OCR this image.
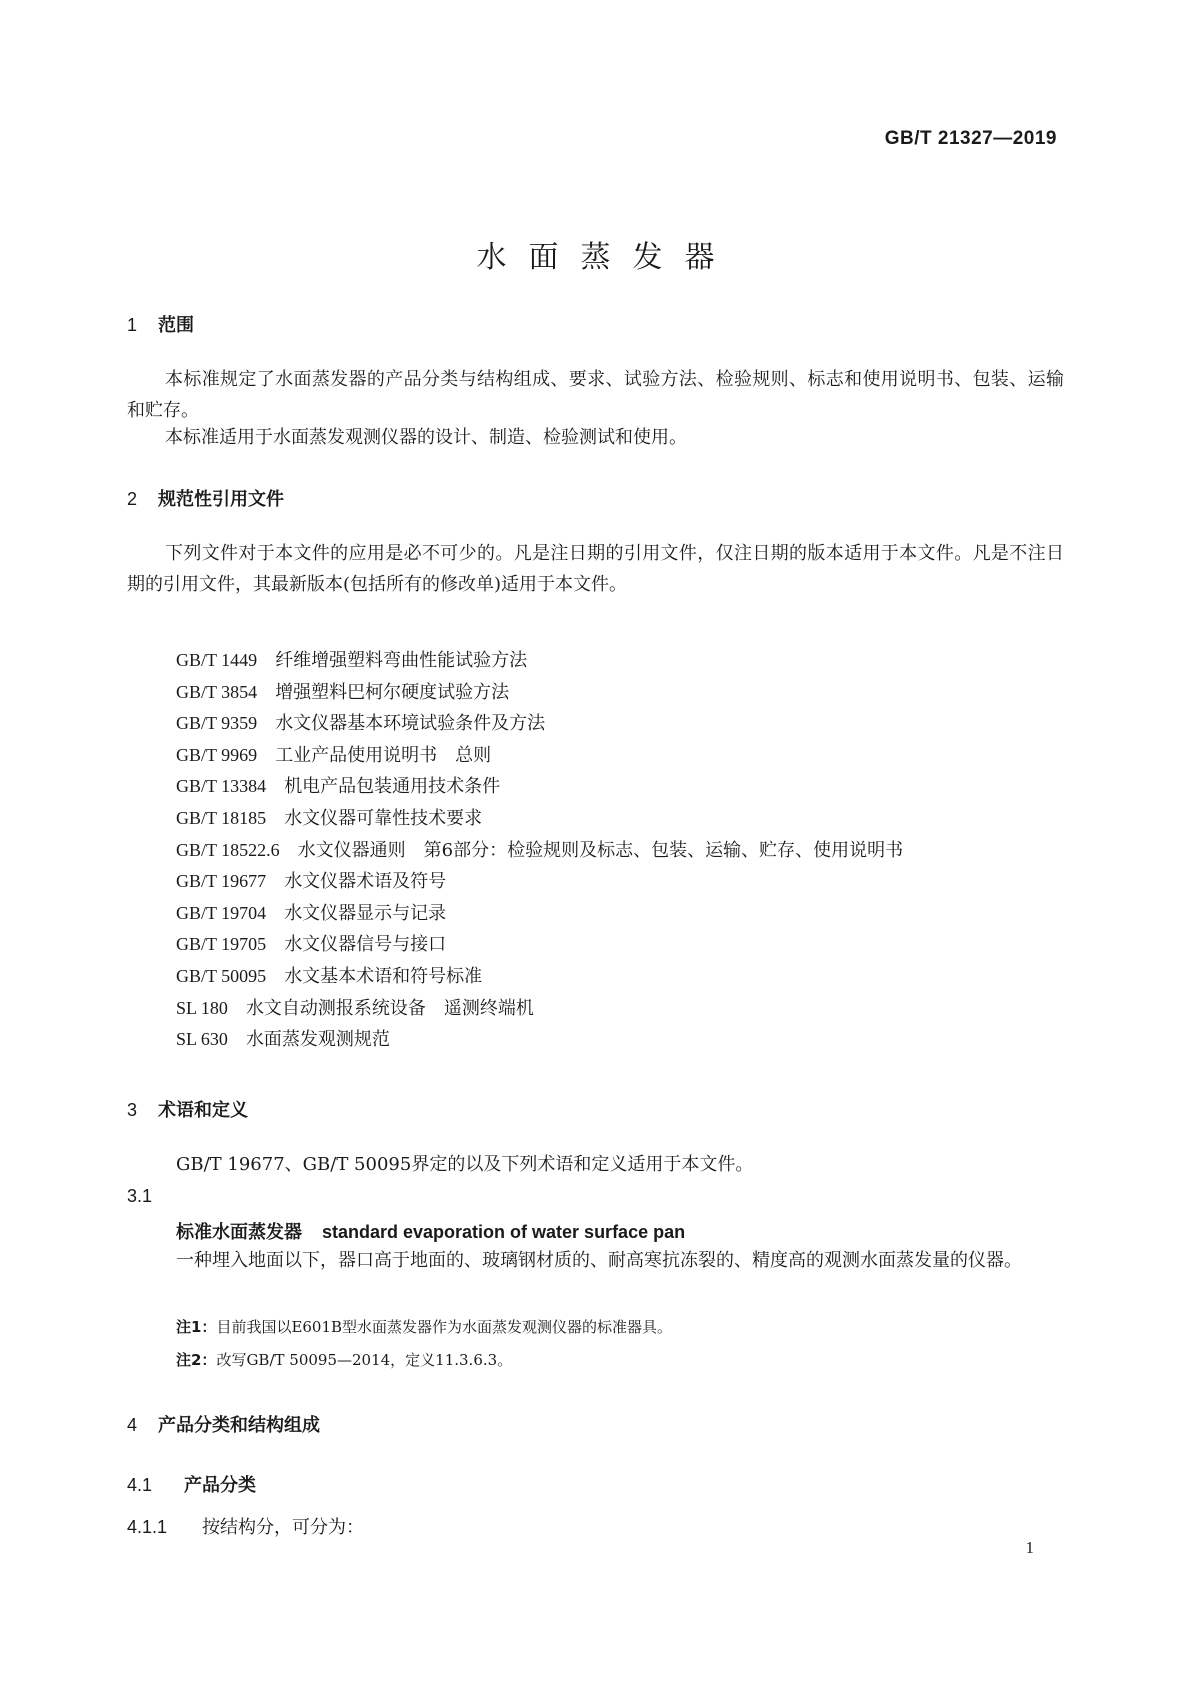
GB/T 21327—2019
水面蒸发器
1 范围
本标准规定了水面蒸发器的产品分类与结构组成、要求、试验方法、检验规则、标志和使用说明书、包装、运输和贮存。
本标准适用于水面蒸发观测仪器的设计、制造、检验测试和使用。
2 规范性引用文件
下列文件对于本文件的应用是必不可少的。凡是注日期的引用文件，仅注日期的版本适用于本文件。凡是不注日期的引用文件，其最新版本(包括所有的修改单)适用于本文件。
GB/T 1449　 纤维增强塑料弯曲性能试验方法
GB/T 3854　 增强塑料巴柯尔硬度试验方法
GB/T 9359　 水文仪器基本环境试验条件及方法
GB/T 9969　 工业产品使用说明书　总则
GB/T 13384　 机电产品包装通用技术条件
GB/T 18185　 水文仪器可靠性技术要求
GB/T 18522.6　 水文仪器通则　第6部分：检验规则及标志、包装、运输、贮存、使用说明书
GB/T 19677　 水文仪器术语及符号
GB/T 19704　 水文仪器显示与记录
GB/T 19705　 水文仪器信号与接口
GB/T 50095　 水文基本术语和符号标准
SL 180　 水文自动测报系统设备　遥测终端机
SL 630　 水面蒸发观测规范
3 术语和定义
GB/T 19677、GB/T 50095界定的以及下列术语和定义适用于本文件。
3.1
标准水面蒸发器 standard evaporation of water surface pan
一种埋入地面以下，器口高于地面的、玻璃钢材质的、耐高寒抗冻裂的、精度高的观测水面蒸发量的仪器。
注1：目前我国以E601B型水面蒸发器作为水面蒸发观测仪器的标准器具。
注2：改写GB/T 50095—2014，定义11.3.6.3。
4 产品分类和结构组成
4.1 产品分类
4.1.1 按结构分，可分为：
1
